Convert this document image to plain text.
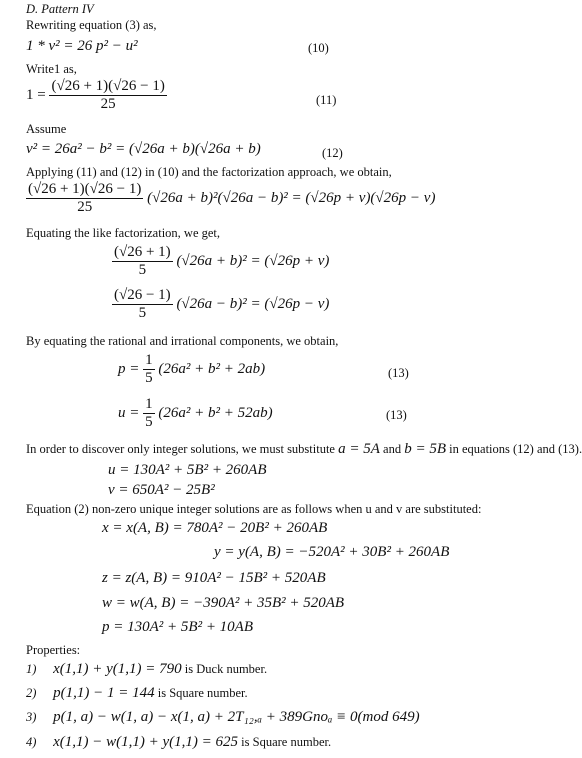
D. Pattern IV
Rewriting equation (3) as,
1 * v² = 26 p² − u²	(10)
Write1 as,
$1 = \frac{(√26 + 1)(√26 - 1)}{25}$	(11)
Assume
v² = 26a² − b² = (√26a + b)(√26a + b)	(12)
Applying (11) and (12) in (10) and the factorization approach, we obtain,
$\frac{(√26 + 1)(√26 - 1)}{25} (√26a + b)^2(√26a - b)^2 = (√26p + v)(√26p - v)$
Equating the like factorization, we get,
$\frac{(√26 + 1)}{5} (√26a + b)^2 = (√26p + v)$
$\frac{(√26 - 1)}{5} (√26a - b)^2 = (√26p - v)$
By equating the rational and irrational components, we obtain,
$p = \frac{1}{5} (26a^2 + b^2 + 2ab)$	(13)
$u = \frac{1}{5} (26a^2 + b^2 + 52ab)$	(13)
In order to discover only integer solutions, we must substitute a = 5A and b = 5B in equations (12) and (13).
u = 130A² + 5B² + 260AB
v = 650A² − 25B²
Equation (2) non-zero unique integer solutions are as follows when u and v are substituted:
x = x(A, B) = 780A² − 20B² + 260AB
y = y(A, B) = −520A² + 30B² + 260AB
z = z(A, B) = 910A² − 15B² + 520AB
w = w(A, B) = −390A² + 35B² + 520AB
p = 130A² + 5B² + 10AB
Properties:
1) x(1,1) + y(1,1) = 790 is Duck number.
2) p(1,1) − 1 = 144 is Square number.
3) p(1, a) − w(1, a) − x(1, a) + 2T₁₂,ₐ + 389Gnoₐ ≡ 0(mod 649)
4) x(1,1) − w(1,1) + y(1,1) = 625 is Square number.
